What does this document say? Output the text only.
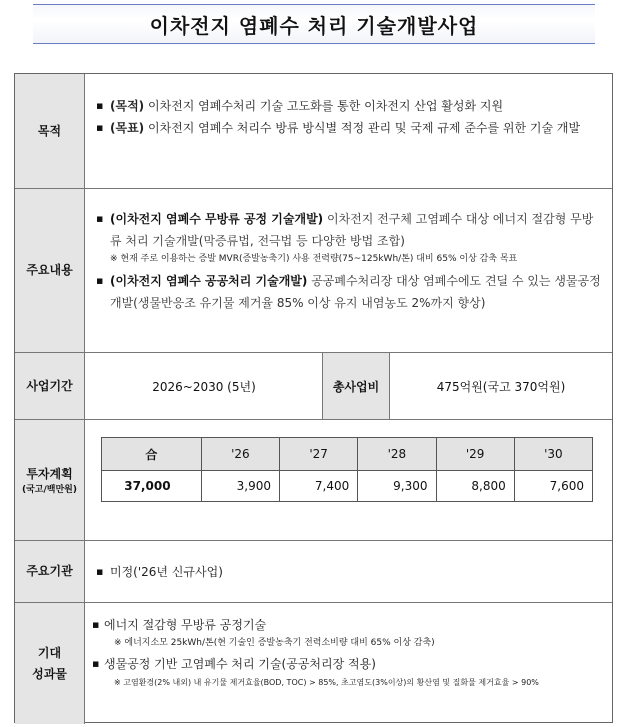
이차전지 염폐수 처리 기술개발사업
목적
▪ (목적) 이차전지 염폐수처리 기술 고도화를 통한 이차전지 산업 활성화 지원
▪ (목표) 이차전지 염폐수 처리수 방류 방식별 적정 관리 및 국제 규제 준수를 위한 기술 개발
주요내용
▪ (이차전지 염폐수 무방류 공정 기술개발) 이차전지 전구체 고염폐수 대상 에너지 절감형 무방류 처리 기술개발(막증류법, 전극법 등 다양한 방법 조합)
※ 현재 주로 이용하는 증발 MVR(증발농축기) 사용 전력량(75~125kWh/톤) 대비 65% 이상 감축 목표
▪ (이차전지 염폐수 공공처리 기술개발) 공공폐수처리장 대상 염폐수에도 견딜 수 있는 생물공정 개발(생물반응조 유기물 제거율 85% 이상 유지 내염농도 2%까지 향상)
사업기간	2026~2030 (5년)	총사업비	475억원(국고 370억원)
투자계획
(국고/백만원)
合	'26	'27	'28	'29	'30
37,000	3,900	7,400	9,300	8,800	7,600
주요기관	▪ 미정('26년 신규사업)
기대
성과물
▪ 에너지 절감형 무방류 공정기술
※ 에너지소모 25kWh/톤(현 기술인 증발농축기 전력소비량 대비 65% 이상 감축)
▪ 생물공정 기반 고염폐수 처리 기술(공공처리장 적용)
※ 고염환경(2% 내외) 내 유기물 제거효율(BOD, TOC) > 85%, 초고염도(3%이상)의 황산염 및 질화물 제거효율 > 90%
